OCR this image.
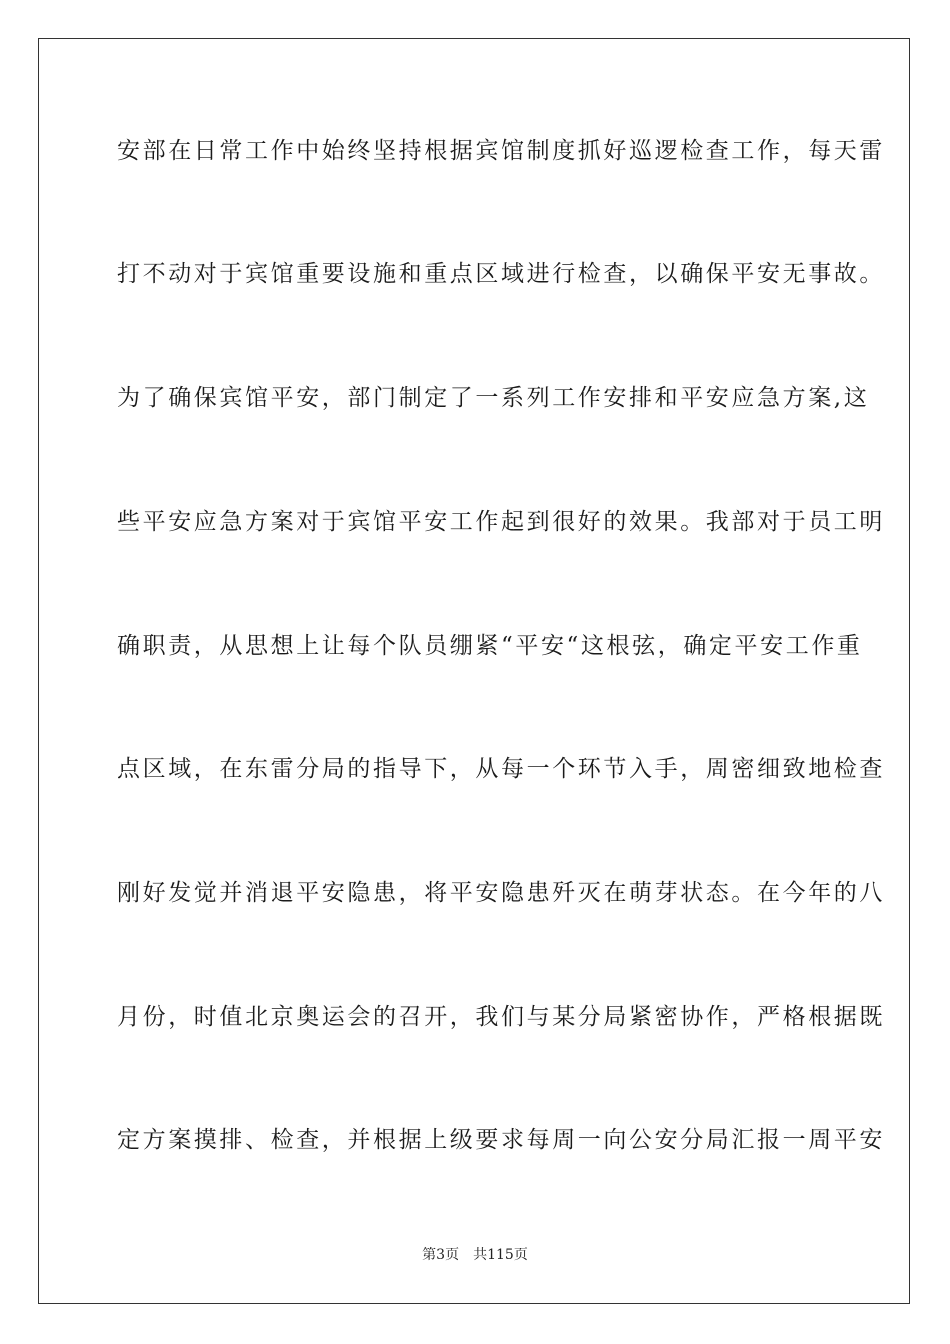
安部在日常工作中始终坚持根据宾馆制度抓好巡逻检查工作，每天雷
打不动对于宾馆重要设施和重点区域进行检查，以确保平安无事故。
为了确保宾馆平安，部门制定了一系列工作安排和平安应急方案,这
些平安应急方案对于宾馆平安工作起到很好的效果。我部对于员工明
确职责，从思想上让每个队员绷紧“平安“这根弦，确定平安工作重
点区域，在东雷分局的指导下，从每一个环节入手，周密细致地检查
刚好发觉并消退平安隐患，将平安隐患歼灭在萌芽状态。在今年的八
月份，时值北京奥运会的召开，我们与某分局紧密协作，严格根据既
定方案摸排、检查，并根据上级要求每周一向公安分局汇报一周平安
第3页 共115页
